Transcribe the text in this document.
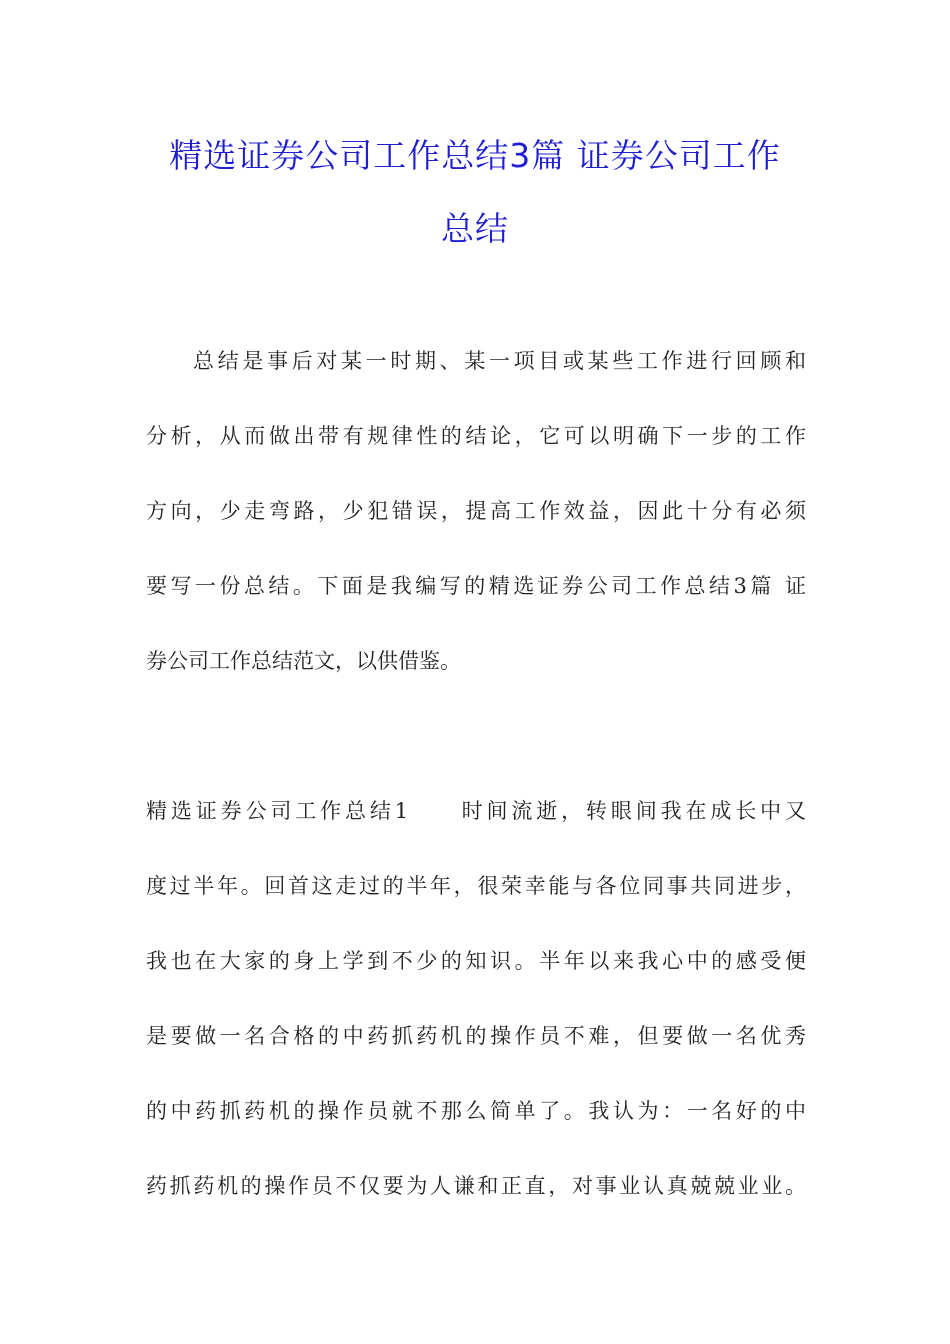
精选证券公司工作总结3篇 证券公司工作
总结
总结是事后对某一时期、某一项目或某些工作进行回顾和
分析，从而做出带有规律性的结论，它可以明确下一步的工作
方向，少走弯路，少犯错误，提高工作效益，因此十分有必须
要写一份总结。下面是我编写的精选证券公司工作总结3篇 证
券公司工作总结范文，以供借鉴。
精选证券公司工作总结1　　时间流逝，转眼间我在成长中又
度过半年。回首这走过的半年，很荣幸能与各位同事共同进步，
我也在大家的身上学到不少的知识。半年以来我心中的感受便
是要做一名合格的中药抓药机的操作员不难，但要做一名优秀
的中药抓药机的操作员就不那么简单了。我认为：一名好的中
药抓药机的操作员不仅要为人谦和正直，对事业认真兢兢业业。
